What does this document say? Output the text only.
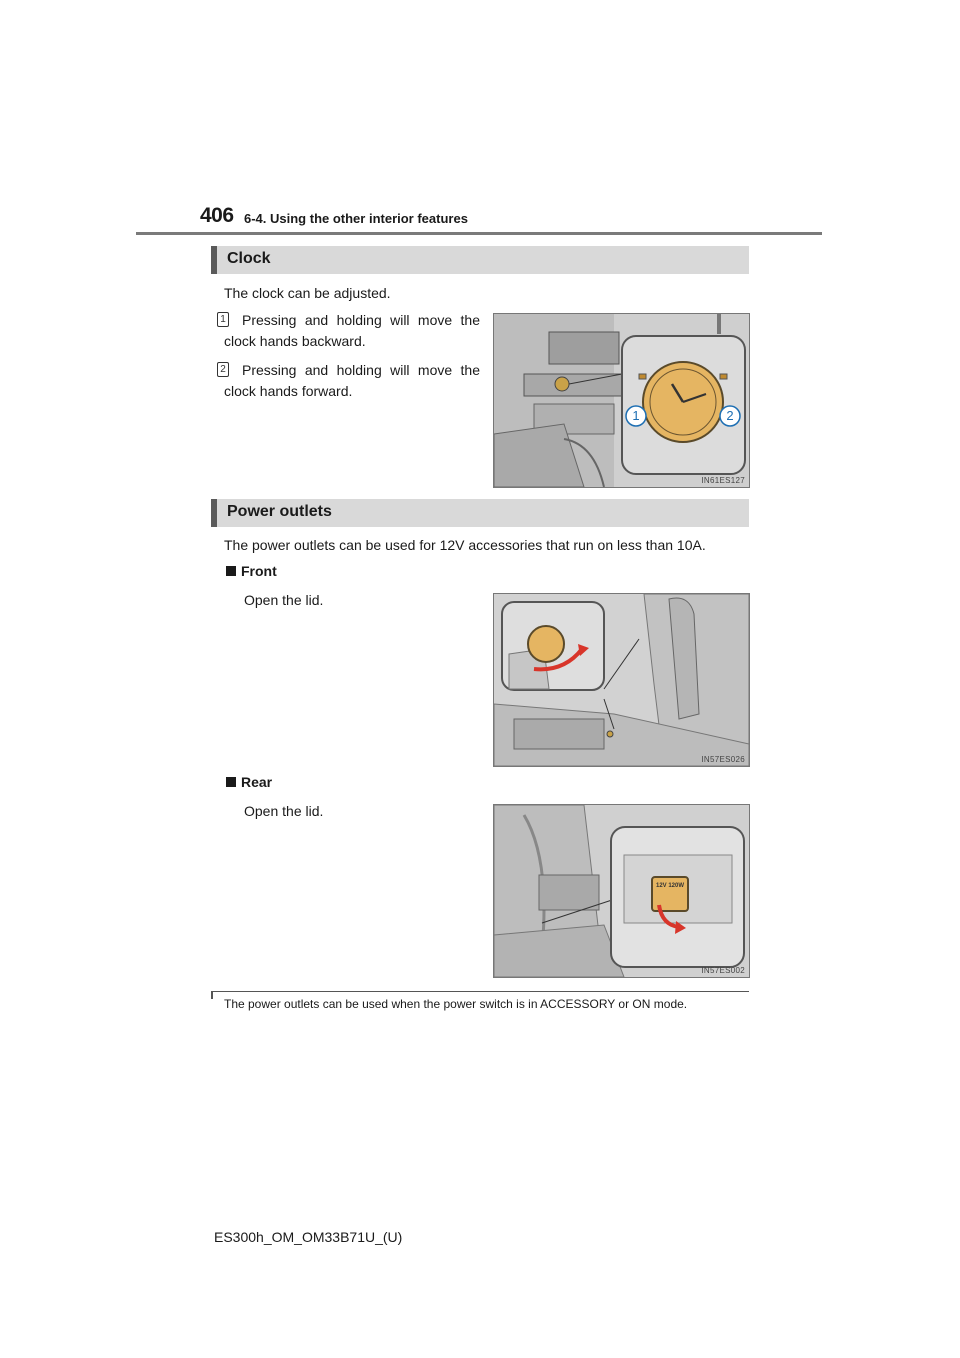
406 6-4. Using the other interior features
Clock
The clock can be adjusted.
1	Pressing and holding will move the clock hands backward.
2	Pressing and holding will move the clock hands forward.
1	2
IN61ES127
Power outlets
The power outlets can be used for 12V accessories that run on less than 10A.
Front
Open the lid.
IN57ES026
Rear
Open the lid.
12V 120W
IN57ES002
The power outlets can be used when the power switch is in ACCESSORY or ON mode.
ES300h_OM_OM33B71U_(U)
